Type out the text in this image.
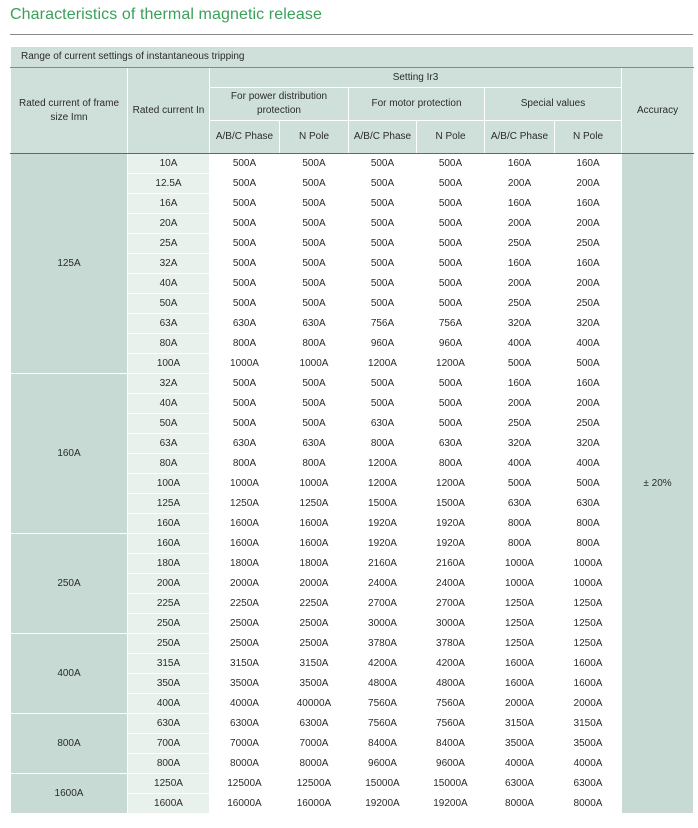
Characteristics of thermal magnetic release
Range of current settings of instantaneous tripping								
Rated current of frame size Imn	Rated current In	Setting Ir3						Accuracy
		For power distribution protection		For motor protection		Special values		
		A/B/C Phase	N Pole	A/B/C Phase	N Pole	A/B/C Phase	N Pole	
125A	10A	500A	500A	500A	500A	160A	160A	± 20%
	12.5A	500A	500A	500A	500A	200A	200A	
	16A	500A	500A	500A	500A	160A	160A	
	20A	500A	500A	500A	500A	200A	200A	
	25A	500A	500A	500A	500A	250A	250A	
	32A	500A	500A	500A	500A	160A	160A	
	40A	500A	500A	500A	500A	200A	200A	
	50A	500A	500A	500A	500A	250A	250A	
	63A	630A	630A	756A	756A	320A	320A	
	80A	800A	800A	960A	960A	400A	400A	
	100A	1000A	1000A	1200A	1200A	500A	500A	
160A	32A	500A	500A	500A	500A	160A	160A	
	40A	500A	500A	500A	500A	200A	200A	
	50A	500A	500A	630A	500A	250A	250A	
	63A	630A	630A	800A	630A	320A	320A	
	80A	800A	800A	1200A	800A	400A	400A	
	100A	1000A	1000A	1200A	1200A	500A	500A	
	125A	1250A	1250A	1500A	1500A	630A	630A	
	160A	1600A	1600A	1920A	1920A	800A	800A	
250A	160A	1600A	1600A	1920A	1920A	800A	800A	
	180A	1800A	1800A	2160A	2160A	1000A	1000A	
	200A	2000A	2000A	2400A	2400A	1000A	1000A	
	225A	2250A	2250A	2700A	2700A	1250A	1250A	
	250A	2500A	2500A	3000A	3000A	1250A	1250A	
400A	250A	2500A	2500A	3780A	3780A	1250A	1250A	
	315A	3150A	3150A	4200A	4200A	1600A	1600A	
	350A	3500A	3500A	4800A	4800A	1600A	1600A	
	400A	4000A	40000A	7560A	7560A	2000A	2000A	
800A	630A	6300A	6300A	7560A	7560A	3150A	3150A	
	700A	7000A	7000A	8400A	8400A	3500A	3500A	
	800A	8000A	8000A	9600A	9600A	4000A	4000A	
1600A	1250A	12500A	12500A	15000A	15000A	6300A	6300A	
	1600A	16000A	16000A	19200A	19200A	8000A	8000A	
